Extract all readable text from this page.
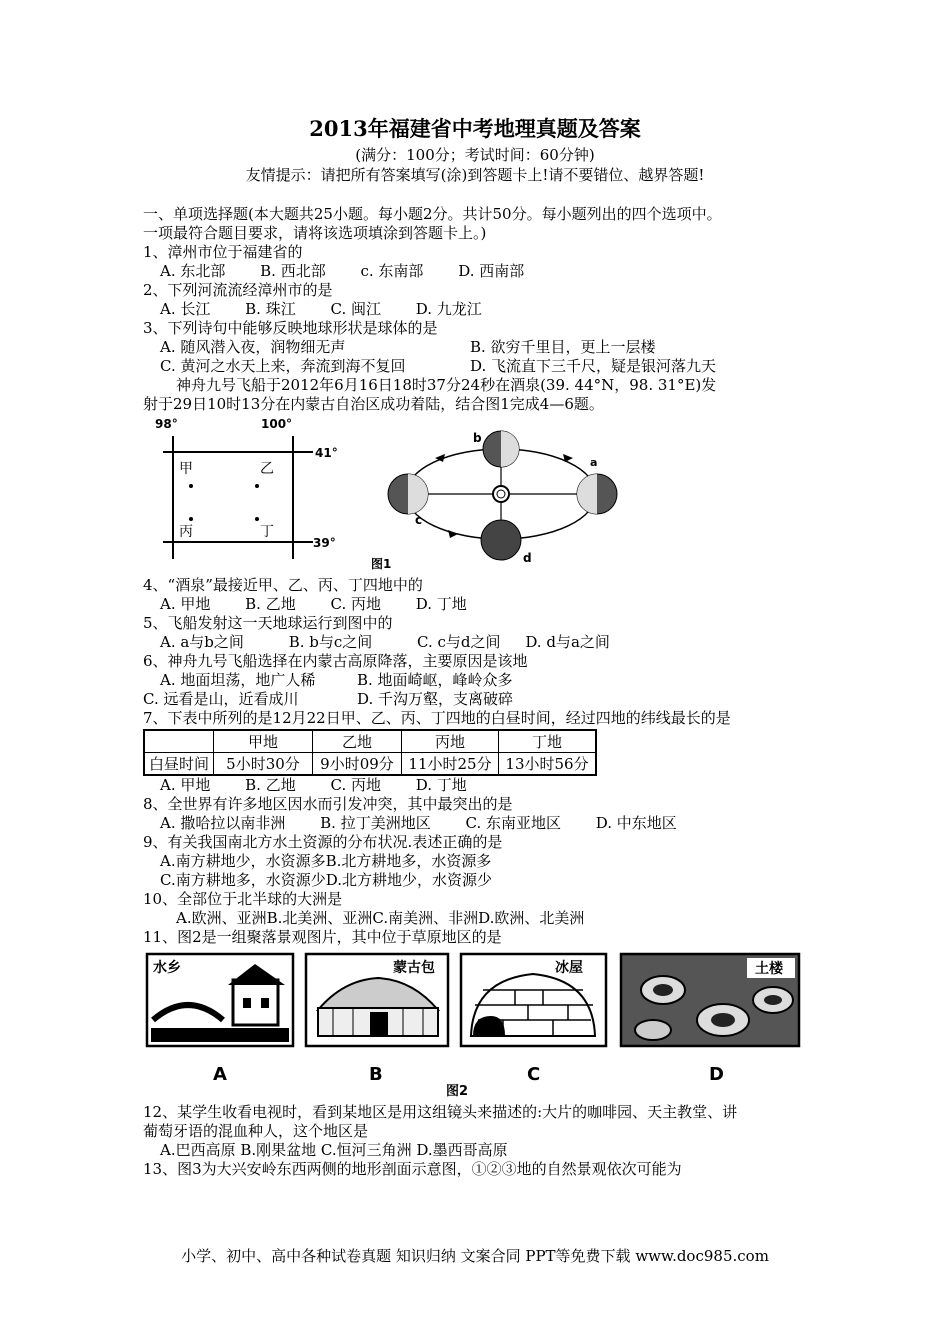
2013年福建省中考地理真题及答案
(满分：100分；考试时间：60分钟)
友情提示：请把所有答案填写(涂)到答题卡上!请不要错位、越界答题!
一、单项选择题(本大题共25小题。每小题2分。共计50分。每小题列出的四个选项中。
一项最符合题目要求，请将该选项填涂到答题卡上。)
1、漳州市位于福建省的
A. 东北部 B. 西北部 c. 东南部 D. 西南部
2、下列河流流经漳州市的是
A. 长江 B. 珠江 C. 闽江 D. 九龙江
3、下列诗句中能够反映地球形状是球体的是
A. 随风潜入夜，润物细无声	B. 欲穷千里目，更上一层楼
C. 黄河之水天上来，奔流到海不复回	D. 飞流直下三千尺，疑是银河落九天
神舟九号飞船于2012年6月16日18时37分24秒在酒泉(39. 44°N，98. 31°E)发
射于29日10时13分在内蒙古自治区成功着陆，结合图1完成4—6题。
98°	100°
41°
39°
甲	乙
丙	丁
a
b
c
d
图1
4、“酒泉”最接近甲、乙、丙、丁四地中的
A. 甲地 B. 乙地 C. 丙地 D. 丁地
5、飞船发射这一天地球运行到图中的
A. a与b之间	B. b与c之间	C. c与d之间 D. d与a之间
6、神舟九号飞船选择在内蒙古高原降落，主要原因是该地
A. 地面坦荡，地广人稀	B. 地面崎岖，峰岭众多
C. 远看是山，近看成川	D. 千沟万壑，支离破碎
7、下表中所列的是12月22日甲、乙、丙、丁四地的白昼时间，经过四地的纬线最长的是
	甲地	乙地	丙地	丁地
白昼时间	5小时30分	9小时09分	11小时25分	13小时56分
A. 甲地 B. 乙地 C. 丙地 D. 丁地
8、全世界有许多地区因水而引发冲突，其中最突出的是
A. 撒哈拉以南非洲 B. 拉丁美洲地区 C. 东南亚地区 D. 中东地区
9、有关我国南北方水土资源的分布状况.表述正确的是
A.南方耕地少，水资源多B.北方耕地多，水资源多
C.南方耕地多，水资源少D.北方耕地少，水资源少
10、全部位于北半球的大洲是
A.欧洲、亚洲B.北美洲、亚洲C.南美洲、非洲D.欧洲、北美洲
11、图2是一组聚落景观图片，其中位于草原地区的是
水乡
A
蒙古包
B
冰屋
C
土楼
D
图2
12、某学生收看电视时，看到某地区是用这组镜头来描述的:大片的咖啡园、天主教堂、讲
葡萄牙语的混血种人，这个地区是
A.巴西高原 B.刚果盆地 C.恒河三角洲 D.墨西哥高原
13、图3为大兴安岭东西两侧的地形剖面示意图，①②③地的自然景观依次可能为
小学、初中、高中各种试卷真题 知识归纳 文案合同 PPT等免费下载 www.doc985.com
